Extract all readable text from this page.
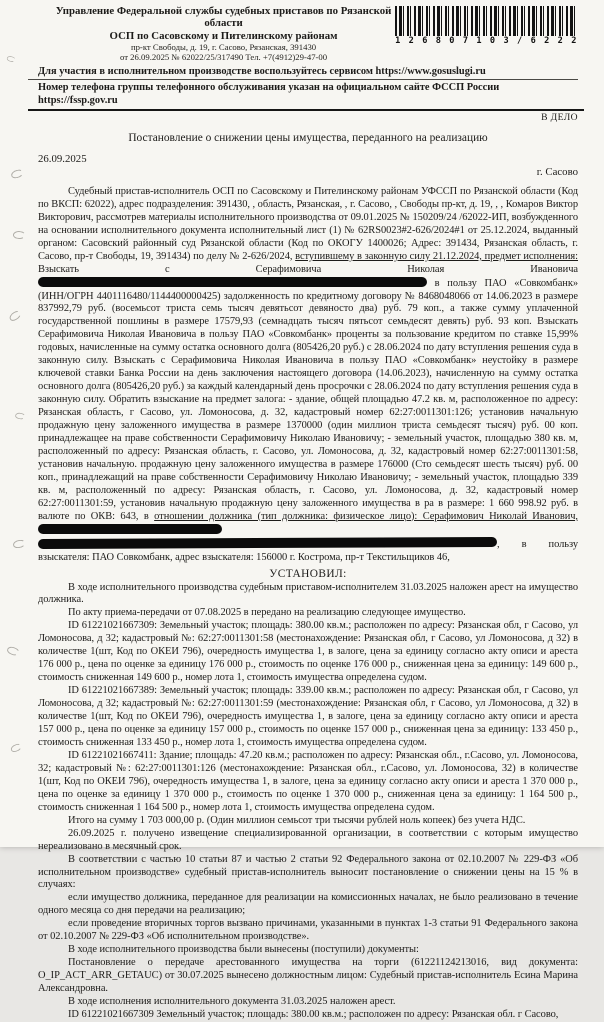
Управление Федеральной службы судебных приставов по Рязанской области
ОСП по Сасовскому и Пителинскому районам
пр-кт Свободы, д. 19, г. Сасово, Рязанская, 391430
от 26.09.2025 № 62022/25/317490 Тел. +7(4912)29-47-00
1 2 6 8 0 7 1 0 3 / 6 2 2 2
Для участия в исполнительном производстве воспользуйтесь сервисом https://www.gosuslugi.ru
Номер телефона группы телефонного обслуживания указан на официальном сайте ФССП России https://fssp.gov.ru
В ДЕЛО
Постановление о снижении цены имущества, переданного на реализацию
26.09.2025
г. Сасово

Судебный пристав-исполнитель ОСП по Сасовскому и Пителинскому районам УФССП по Рязанской области (Код по ВКСП: 62022), адрес подразделения: 391430, , область, Рязанская, , г. Сасово, , Свободы пр-кт, д. 19, , , Комаров Виктор Викторович, рассмотрев материалы исполнительного производства от 09.01.2025 № 150209/24 /62022-ИП, возбужденного на основании исполнительного документа исполнительный лист (1) № 62RS0023#2-626/2024#1 от 25.12.2024, выданный органом: Сасовский районный суд Рязанской области (Код по ОКОГУ 1400026; Адрес: 391434, Рязанская область, г. Сасово, пр-т Свободы, 19, 391434) по делу № 2-626/2024, вступившему в законную силу 21.12.2024, предмет исполнения: Взыскать с Серафимовича Николая Ивановича  в пользу ПАО «Совкомбанк» (ИНН/ОГРН 4401116480/1144400000425) задолженность по кредитному договору № 8468048066 от 14.06.2023 в размере 837992,79 руб. (восемьсот триста семь тысяч девятьсот девяносто два) руб. 79 коп., а также сумму уплаченной государственной пошлины в размере 17579,93 (семнадцать тысяч пятьсот семьдесят девять) руб. 93 коп. Взыскать Серафимовича Николая Ивановича в пользу ПАО «Совкомбанк» проценты за пользование кредитом по ставке 15,99% годовых, начисленные на сумму остатка основного долга (805426,20 руб.) с 28.06.2024 по дату вступления решения суда в законную силу. Взыскать с Серафимовича Николая Ивановича в пользу ПАО «Совкомбанк» неустойку в размере ключевой ставки Банка России на день заключения настоящего договора (14.06.2023), начисленную на сумму остатка основного долга (805426,20 руб.) за каждый календарный день просрочки с 28.06.2024 по дату вступления решения суда в законную силу. Обратить взыскание на предмет залога: - здание, общей площадью 47.2 кв. м, расположенное по адресу: Рязанская область, г Сасово, ул. Ломоносова, д. 32, кадастровый номер 62:27:0011301:126; установив начальную продажную цену заложенного имущества в размере 1370000 (один миллион триста семьдесят тысяч) руб. 00 коп. принадлежащее на праве собственности Серафимовичу Николаю Ивановичу; - земельный участок, площадью 380 кв. м, расположенный по адресу: Рязанская область, г. Сасово, ул. Ломоносова, д. 32, кадастровый номер 62:27:0011301:58, установив начальную. продажную цену заложенного имущества в размере 176000 (Сто семьдесят шесть тысяч) руб. 00 коп., принадлежащий на праве собственности Серафимовичу Николаю Ивановичу; - земельный участок, площадью 339 кв. м, расположенный по адресу: Рязанская область, г. Сасово, ул. Ломоносова, д. 32, кадастровый номер 62:27:0011301:59, установив начальную продажную цену заложенного имущества в ра в размере: 1 660 998.92 руб. в валюте по ОКВ: 643, в отношении должника (тип должника: физическое лицо): Серафимович Николай Иванович,  , в пользу взыскателя: ПАО Совкомбанк, адрес взыскателя: 156000 г. Кострома, пр-т Текстильщиков 46,

УСТАНОВИЛ:

В ходе исполнительного производства судебным приставом-исполнителем 31.03.2025 наложен арест на имущество должника.

По акту приема-передачи от 07.08.2025 в передано на реализацию следующее имущество.

ID 61221021667309: Земельный участок; площадь: 380.00 кв.м.; расположен по адресу: Рязанская обл, г Сасово, ул Ломоносова, д 32; кадастровый №: 62:27:0011301:58 (местонахождение: Рязанская обл, г Сасово, ул Ломоносова, д 32) в количестве 1(шт, Код по ОКЕИ 796), очередность имущества 1, в залоге, цена за единицу согласно акту описи и ареста 176 000 р., цена по оценке за единицу 176 000 р., стоимость по оценке 176 000 р., сниженная цена за единицу: 149 600 р., стоимость сниженная 149 600 р., номер лота 1, стоимость имущества определена судом.

ID 61221021667389: Земельный участок; площадь: 339.00 кв.м.; расположен по адресу: Рязанская обл, г Сасово, ул Ломоносова, д 32; кадастровый №: 62:27:0011301:59 (местонахождение: Рязанская обл, г Сасово, ул Ломоносова, д 32) в количестве 1(шт, Код по ОКЕИ 796), очередность имущества 1, в залоге, цена за единицу согласно акту описи и ареста 157 000 р., цена по оценке за единицу 157 000 р., стоимость по оценке 157 000 р., сниженная цена за единицу: 133 450 р., стоимость сниженная 133 450 р., номер лота 1, стоимость имущества определена судом.

ID 61221021667411: Здание; площадь: 47.20 кв.м.; расположен по адресу: Рязанская обл., г.Сасово, ул. Ломоносова, 32; кадастровый №: 62:27:0011301:126 (местонахождение: Рязанская обл., г.Сасово, ул. Ломоносова, 32) в количестве 1(шт, Код по ОКЕИ 796), очередность имущества 1, в залоге, цена за единицу согласно акту описи и ареста 1 370 000 р., цена по оценке за единицу 1 370 000 р., стоимость по оценке 1 370 000 р., сниженная цена за единицу: 1 164 500 р., стоимость сниженная 1 164 500 р., номер лота 1, стоимость имущества определена судом.

Итого на сумму 1 703 000,00 р. (Один миллион семьсот три тысячи рублей ноль копеек) без учета НДС.

26.09.2025 г. получено извещение специализированной организации, в соответствии с которым имущество нереализовано в месячный срок.

В соответствии с частью 10 статьи 87 и частью 2 статьи 92 Федерального закона от 02.10.2007 № 229-ФЗ «Об исполнительном производстве» судебный пристав-исполнитель выносит постановление о снижении цены на 15 % в случаях:

если имущество должника, переданное для реализации на комиссионных началах, не было реализовано в течение одного месяца со дня передачи на реализацию;

если проведение вторичных торгов вызвано причинами, указанными в пунктах 1-3 статьи 91 Федерального закона от 02.10.2007 № 229-ФЗ «Об исполнительном производстве».

В ходе исполнительного производства были вынесены (поступили) документы:

Постановление о передаче арестованного имущества на торги (61221124213016, вид документа: O_IP_ACT_ARR_GETAUC) от 30.07.2025 вынесено должностным лицом: Судебный пристав-исполнитель Есина Марина Александровна.

В ходе исполнения исполнительного документа 31.03.2025 наложен арест.

ID 61221021667309 Земельный участок; площадь: 380.00 кв.м.; расположен по адресу: Рязанская обл. г Сасово,
